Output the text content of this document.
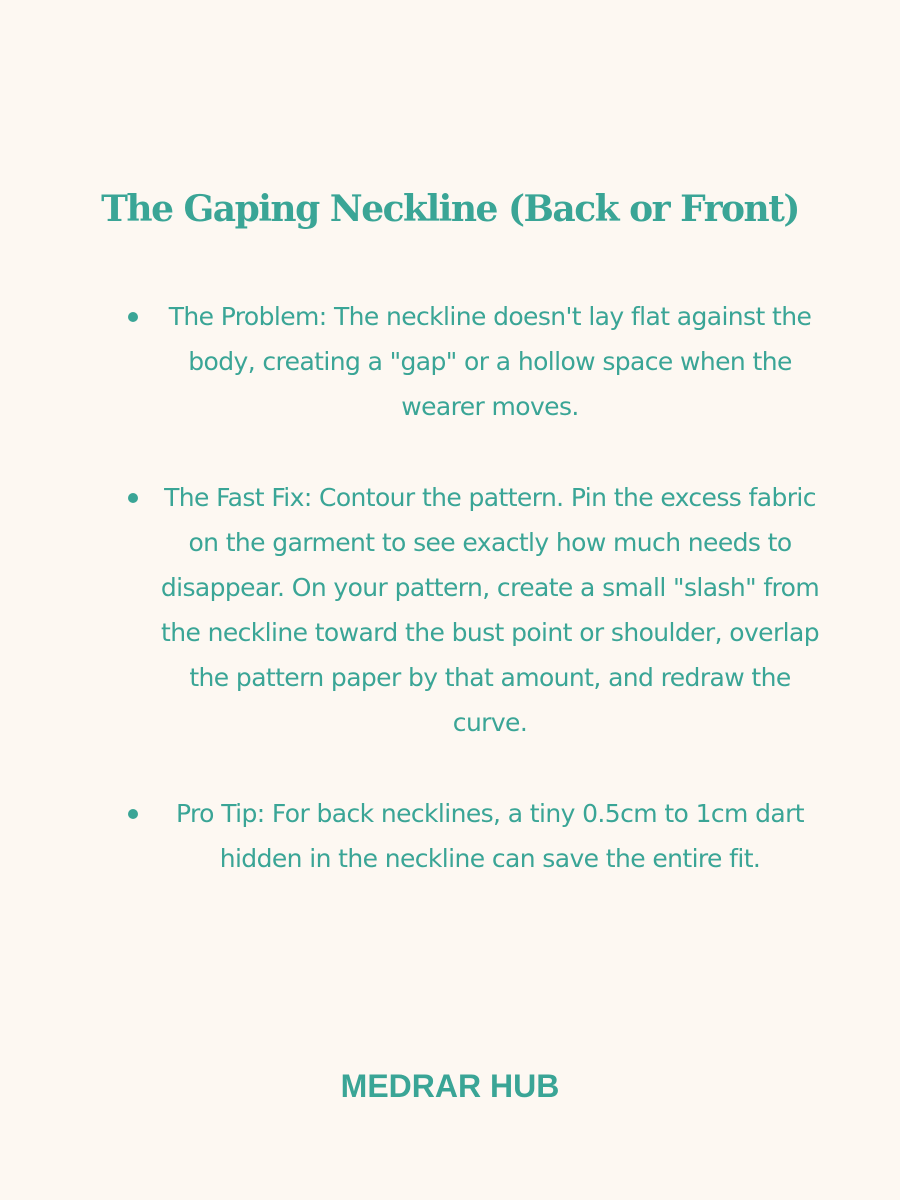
The Gaping Neckline (Back or Front)
The Problem: The neckline doesn't lay flat against the body, creating a "gap" or a hollow space when the wearer moves.
The Fast Fix: Contour the pattern. Pin the excess fabric on the garment to see exactly how much needs to disappear. On your pattern, create a small "slash" from the neckline toward the bust point or shoulder, overlap the pattern paper by that amount, and redraw the curve.
Pro Tip: For back necklines, a tiny 0.5cm to 1cm dart hidden in the neckline can save the entire fit.
MEDRAR HUB
